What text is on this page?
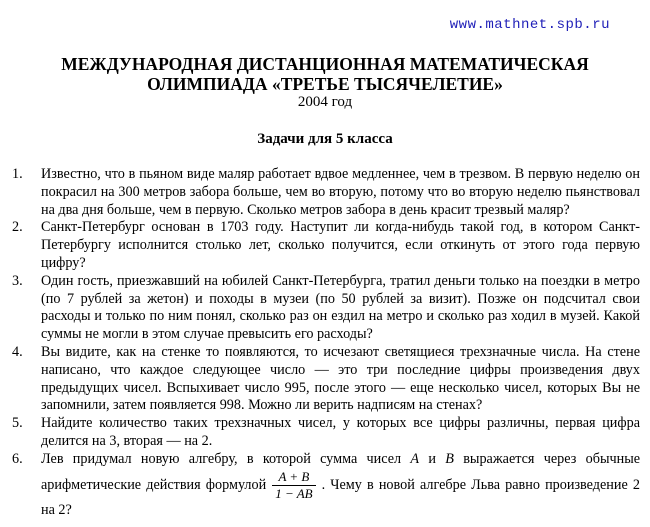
www.mathnet.spb.ru
МЕЖДУНАРОДНАЯ ДИСТАНЦИОННАЯ МАТЕМАТИЧЕСКАЯ
ОЛИМПИАДА «ТРЕТЬЕ ТЫСЯЧЕЛЕТИЕ»
2004 год
Задачи для 5 класса
1. Известно, что в пьяном виде маляр работает вдвое медленнее, чем в трезвом. В первую неделю он покрасил на 300 метров забора больше, чем во вторую, потому что во вторую неделю пьянствовал на два дня больше, чем в первую. Сколько метров забора в день красит трезвый маляр?
2. Санкт-Петербург основан в 1703 году. Наступит ли когда-нибудь такой год, в котором Санкт-Петербургу исполнится столько лет, сколько получится, если откинуть от этого года первую цифру?
3. Один гость, приезжавший на юбилей Санкт-Петербурга, тратил деньги только на поездки в метро (по 7 рублей за жетон) и походы в музеи (по 50 рублей за визит). Позже он подсчитал свои расходы и только по ним понял, сколько раз он ездил на метро и сколько раз ходил в музей. Какой суммы не могли в этом случае превысить его расходы?
4. Вы видите, как на стенке то появляются, то исчезают светящиеся трехзначные числа. На стене написано, что каждое следующее число — это три последние цифры произведения двух предыдущих чисел. Вспыхивает число 995, после этого — еще несколько чисел, которых Вы не запомнили, затем появляется 998. Можно ли верить надписям на стенах?
5. Найдите количество таких трехзначных чисел, у которых все цифры различны, первая цифра делится на 3, вторая — на 2.
6. Лев придумал новую алгебру, в которой сумма чисел A и B выражается через обычные арифметические действия формулой $\frac{A + B}{1 - AB}$ . Чему в новой алгебре Льва равно произведение 2 на 2?
